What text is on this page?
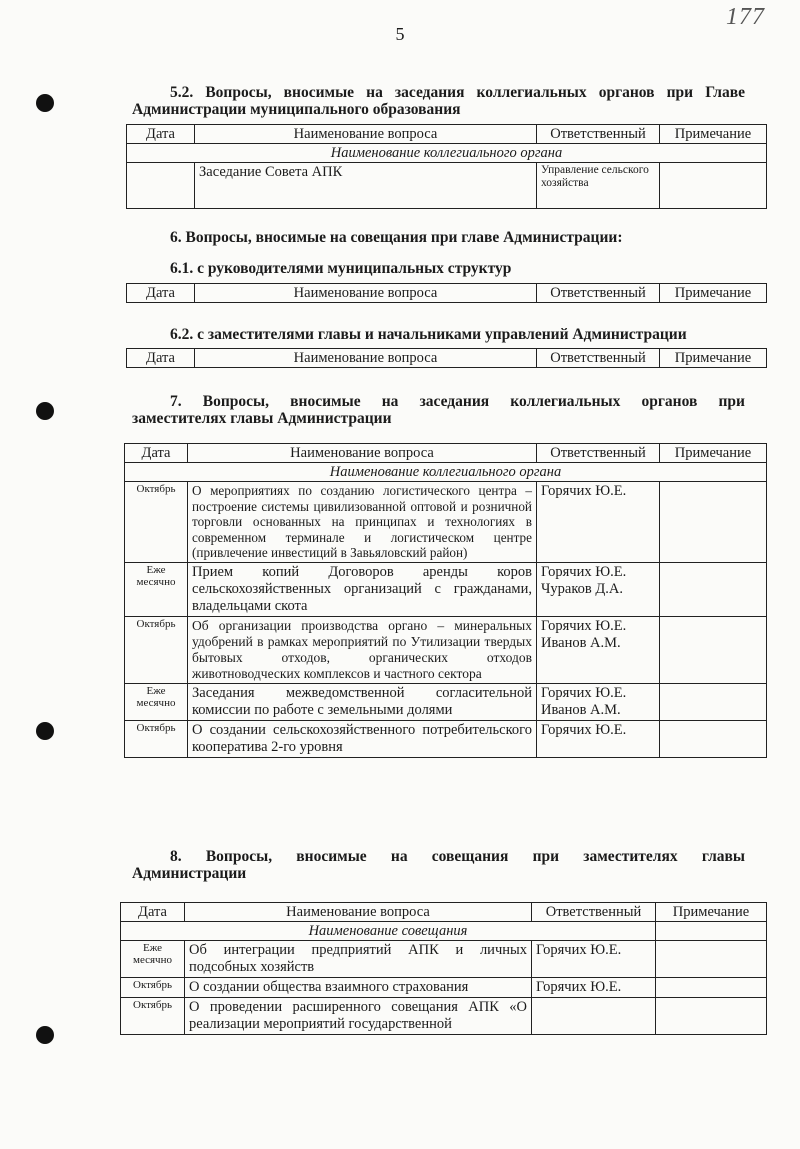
177
5
5.2. Вопросы, вносимые на заседания коллегиальных органов при Главе
Администрации муниципального образования
Дата	Наименование вопроса	Ответственный	Примечание
Наименование коллегиального органа			
	Заседание Совета АПК	Управление сельского хозяйства	
6. Вопросы, вносимые на совещания при главе Администрации:
6.1. с руководителями муниципальных структур
Дата	Наименование вопроса	Ответственный	Примечание
6.2. с заместителями главы и начальниками управлений Администрации
Дата	Наименование вопроса	Ответственный	Примечание
7. Вопросы, вносимые на заседания коллегиальных органов при
заместителях главы Администрации
Дата	Наименование вопроса	Ответственный	Примечание
Наименование коллегиального органа			
Октябрь	О мероприятиях по созданию логистического центра – построение системы цивилизованной оптовой и розничной торговли основанных на принципах и технологиях в современном терминале и логистическом центре (привлечение инвестиций в Завьяловский район)	Горячих Ю.Е.	
Еже месячно	Прием копий Договоров аренды коров сельскохозяйственных организаций с гражданами, владельцами скота	Горячих Ю.Е. Чураков Д.А.	
Октябрь	Об организации производства органо – минеральных удобрений в рамках мероприятий по Утилизации твердых бытовых отходов, органических отходов животноводческих комплексов и частного сектора	Горячих Ю.Е. Иванов А.М.	
Еже месячно	Заседания межведомственной согласительной комиссии по работе с земельными долями	Горячих Ю.Е. Иванов А.М.	
Октябрь	О создании сельскохозяйственного потребительского кооператива 2-го уровня	Горячих Ю.Е.	
8. Вопросы, вносимые на совещания при заместителях главы
Администрации
Дата	Наименование вопроса	Ответственный	Примечание
Наименование совещания			
Еже месячно	Об интеграции предприятий АПК и личных подсобных хозяйств	Горячих Ю.Е.	
Октябрь	О создании общества взаимного страхования	Горячих Ю.Е.	
Октябрь	О проведении расширенного совещания АПК «О реализации мероприятий государственной		
